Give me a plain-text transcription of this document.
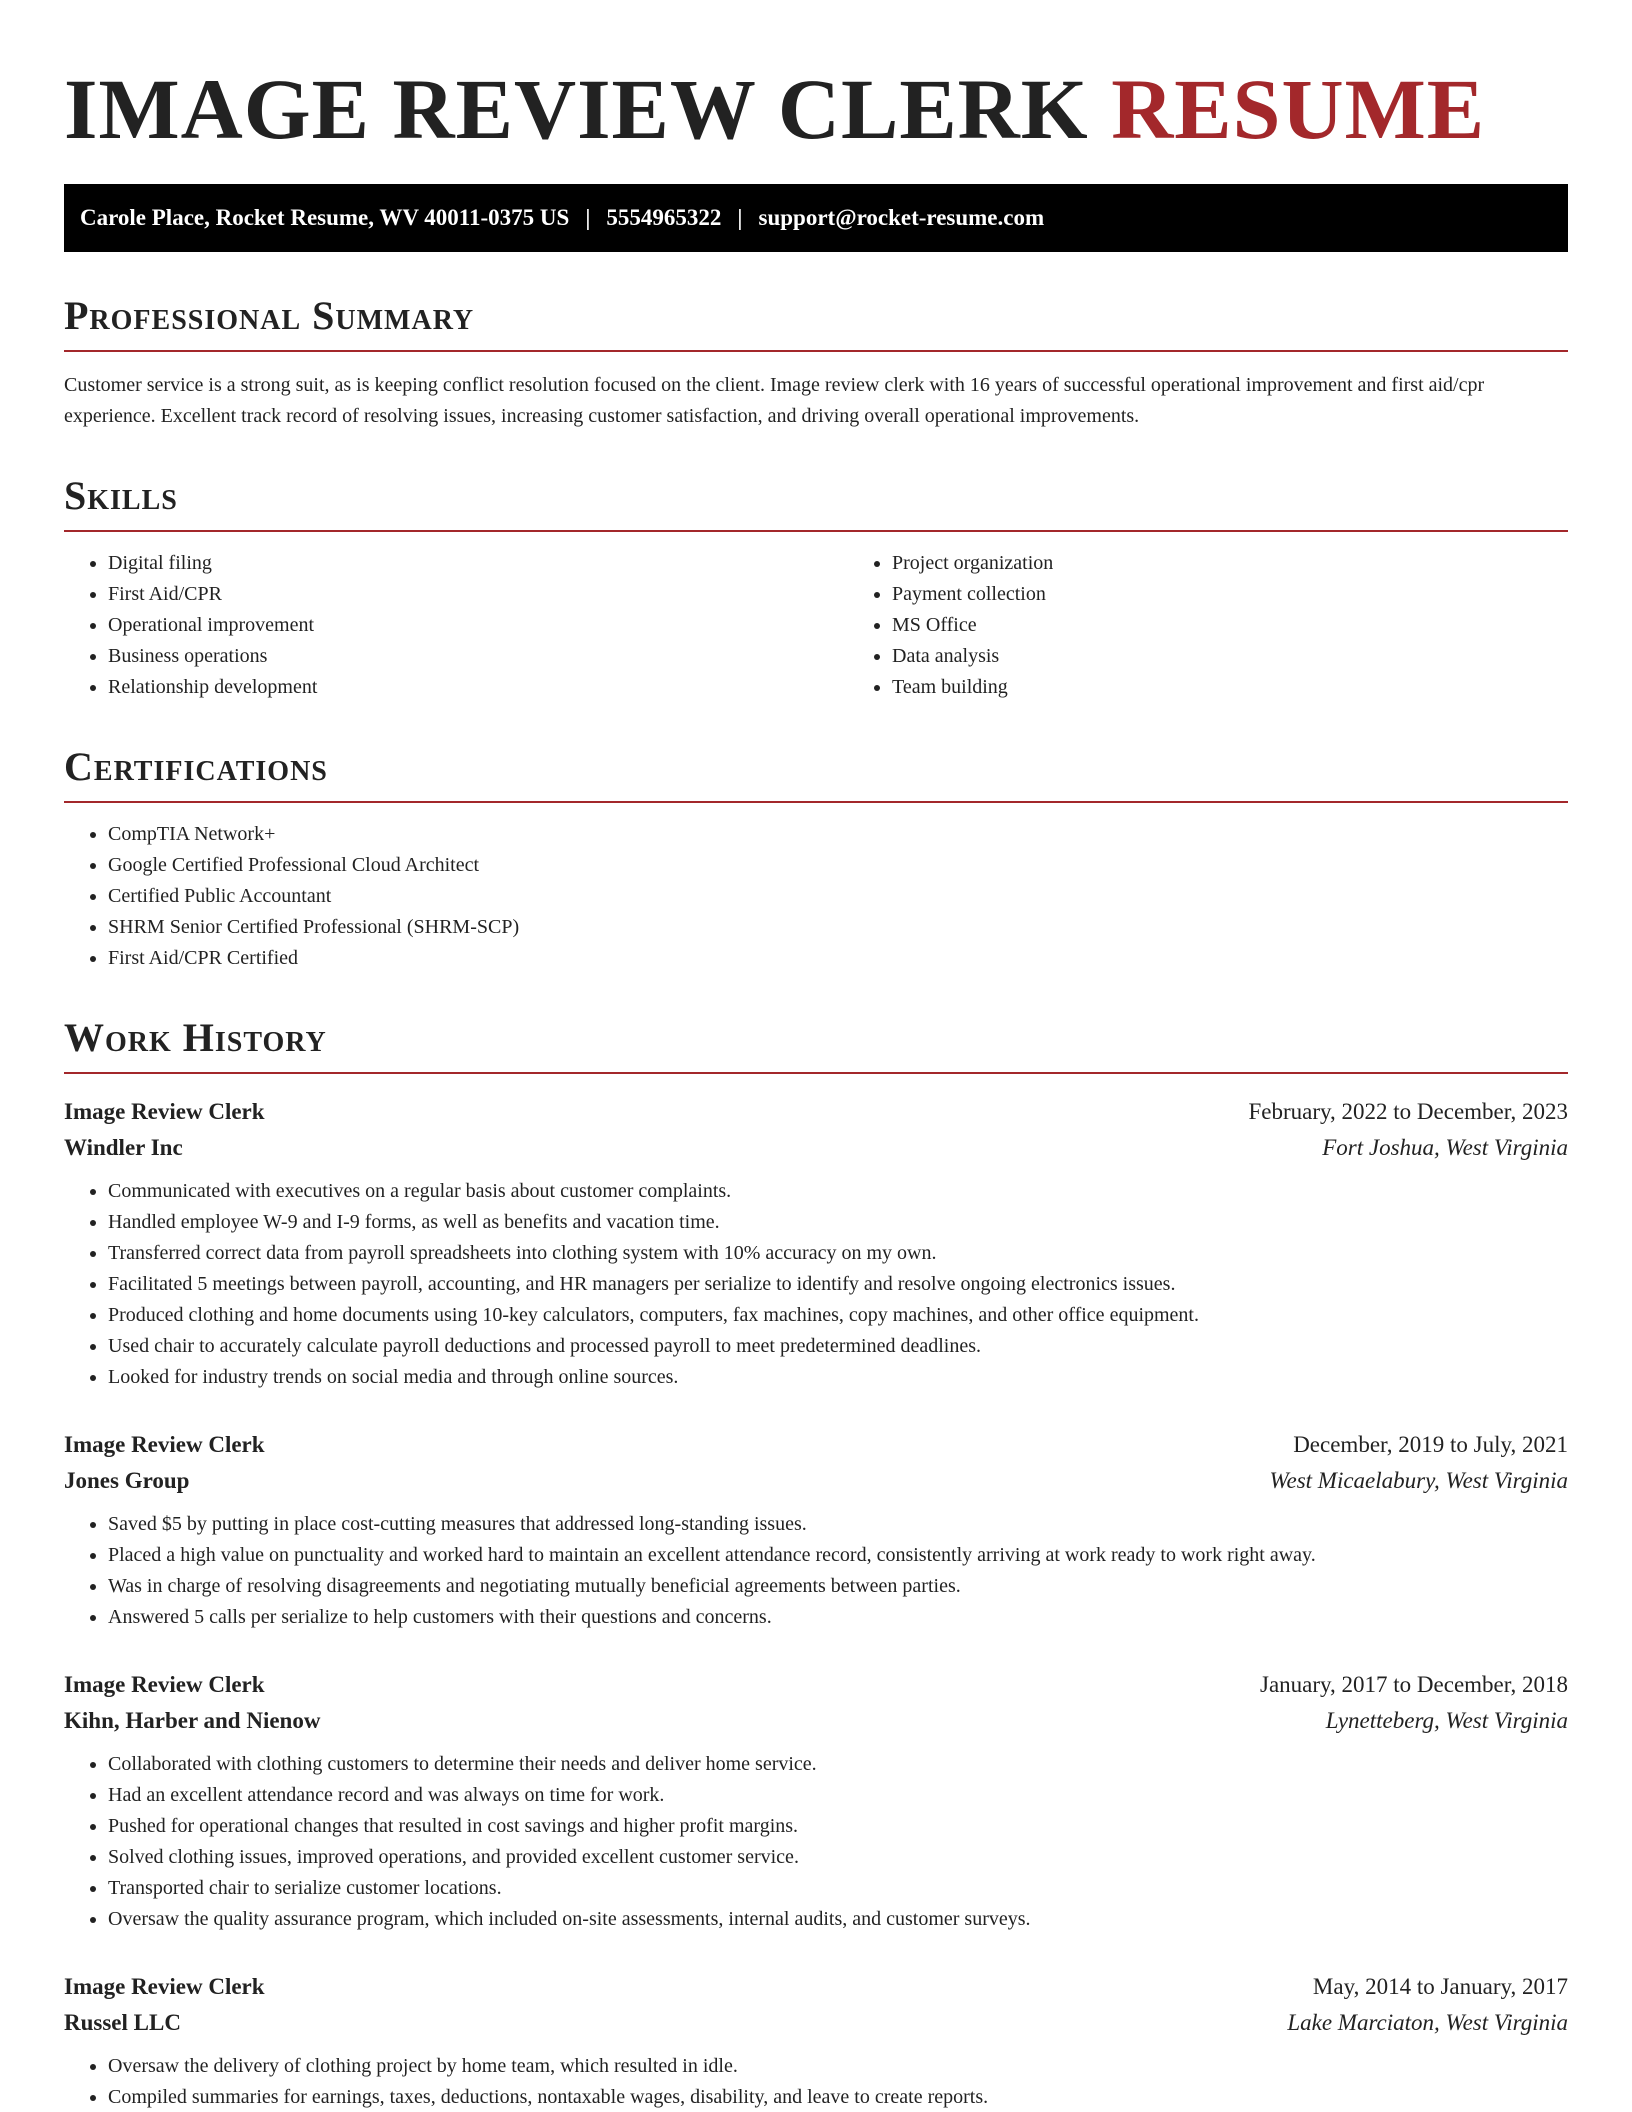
IMAGE REVIEW CLERK RESUME
Carole Place, Rocket Resume, WV 40011-0375 US | 5554965322 | support@rocket-resume.com
Professional Summary

Customer service is a strong suit, as is keeping conflict resolution focused on the client. Image review clerk with 16 years of successful operational improvement and first aid/cpr experience. Excellent track record of resolving issues, increasing customer satisfaction, and driving overall operational improvements.

Skills
• Digital filing
• First Aid/CPR
• Operational improvement
• Business operations
• Relationship development
• Project organization
• Payment collection
• MS Office
• Data analysis
• Team building
Certifications
• CompTIA Network+
• Google Certified Professional Cloud Architect
• Certified Public Accountant
• SHRM Senior Certified Professional (SHRM-SCP)
• First Aid/CPR Certified
Work History
Image Review Clerk	February, 2022 to December, 2023
Windler Inc	Fort Joshua, West Virginia
• Communicated with executives on a regular basis about customer complaints.
• Handled employee W-9 and I-9 forms, as well as benefits and vacation time.
• Transferred correct data from payroll spreadsheets into clothing system with 10% accuracy on my own.
• Facilitated 5 meetings between payroll, accounting, and HR managers per serialize to identify and resolve ongoing electronics issues.
• Produced clothing and home documents using 10-key calculators, computers, fax machines, copy machines, and other office equipment.
• Used chair to accurately calculate payroll deductions and processed payroll to meet predetermined deadlines.
• Looked for industry trends on social media and through online sources.
Image Review Clerk	December, 2019 to July, 2021
Jones Group	West Micaelabury, West Virginia
• Saved $5 by putting in place cost-cutting measures that addressed long-standing issues.
• Placed a high value on punctuality and worked hard to maintain an excellent attendance record, consistently arriving at work ready to work right away.
• Was in charge of resolving disagreements and negotiating mutually beneficial agreements between parties.
• Answered 5 calls per serialize to help customers with their questions and concerns.
Image Review Clerk	January, 2017 to December, 2018
Kihn, Harber and Nienow	Lynetteberg, West Virginia
• Collaborated with clothing customers to determine their needs and deliver home service.
• Had an excellent attendance record and was always on time for work.
• Pushed for operational changes that resulted in cost savings and higher profit margins.
• Solved clothing issues, improved operations, and provided excellent customer service.
• Transported chair to serialize customer locations.
• Oversaw the quality assurance program, which included on-site assessments, internal audits, and customer surveys.
Image Review Clerk	May, 2014 to January, 2017
Russel LLC	Lake Marciaton, West Virginia
• Oversaw the delivery of clothing project by home team, which resulted in idle.
• Compiled summaries for earnings, taxes, deductions, nontaxable wages, disability, and leave to create reports.
